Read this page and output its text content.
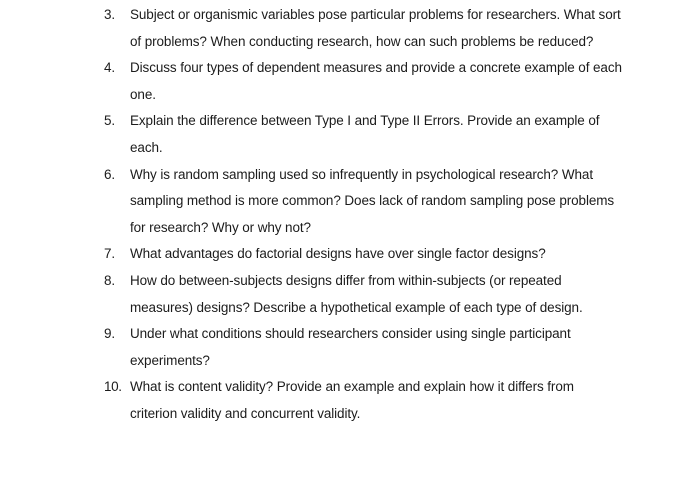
3.	Subject or organismic variables pose particular problems for researchers. What sort of problems? When conducting research, how can such problems be reduced?
4.	Discuss four types of dependent measures and provide a concrete example of each one.
5.	Explain the difference between Type I and Type II Errors. Provide an example of each.
6.	Why is random sampling used so infrequently in psychological research? What sampling method is more common? Does lack of random sampling pose problems for research? Why or why not?
7.	What advantages do factorial designs have over single factor designs?
8.	How do between-subjects designs differ from within-subjects (or repeated measures) designs? Describe a hypothetical example of each type of design.
9.	Under what conditions should researchers consider using single participant experiments?
10. What is content validity? Provide an example and explain how it differs from criterion validity and concurrent validity.
